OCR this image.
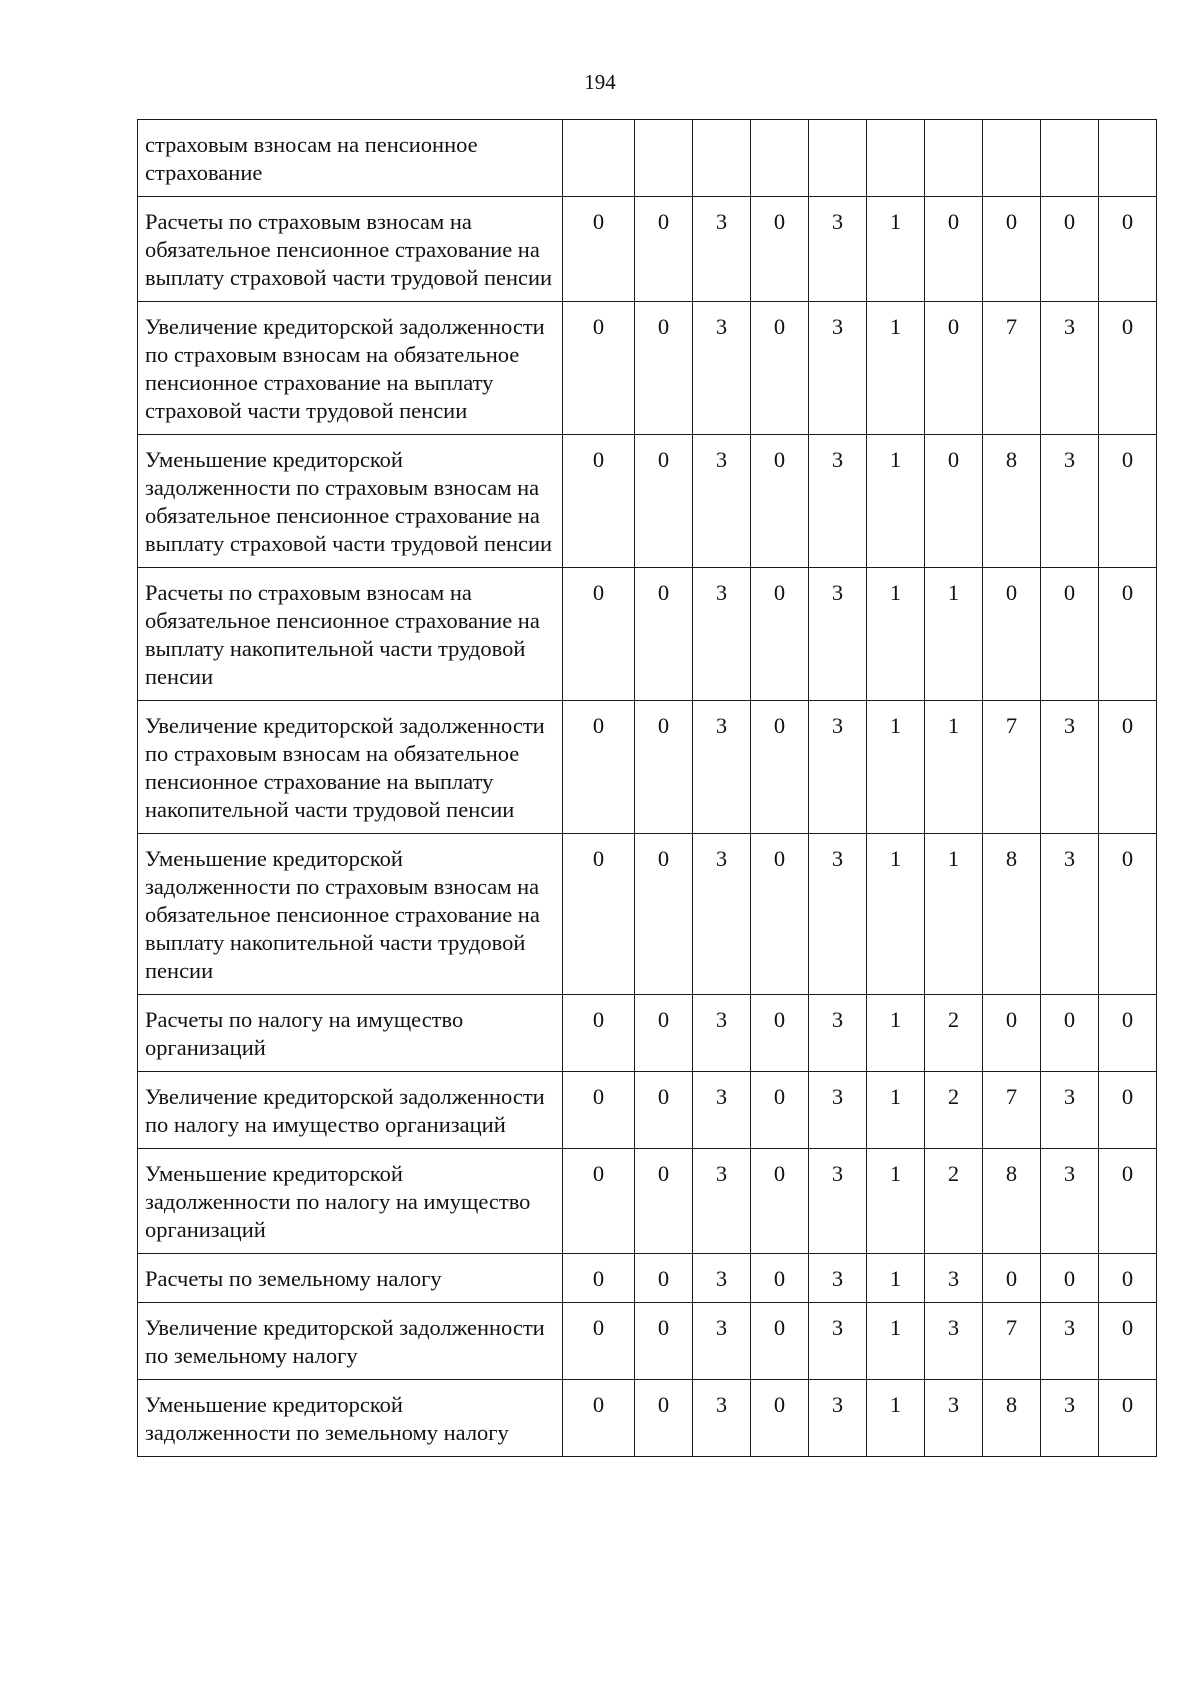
194
страховым взносам на пенсионное страхование										
Расчеты по страховым взносам на обязательное пенсионное страхование на выплату страховой части трудовой пенсии	0	0	3	0	3	1	0	0	0	0
Увеличение кредиторской задолженности по страховым взносам на обязательное пенсионное страхование на выплату страховой части трудовой пенсии	0	0	3	0	3	1	0	7	3	0
Уменьшение кредиторской задолженности по страховым взносам на обязательное пенсионное страхование на выплату страховой части трудовой пенсии	0	0	3	0	3	1	0	8	3	0
Расчеты по страховым взносам на обязательное пенсионное страхование на выплату накопительной части трудовой пенсии	0	0	3	0	3	1	1	0	0	0
Увеличение кредиторской задолженности по страховым взносам на обязательное пенсионное страхование на выплату накопительной части трудовой пенсии	0	0	3	0	3	1	1	7	3	0
Уменьшение кредиторской задолженности по страховым взносам на обязательное пенсионное страхование на выплату накопительной части трудовой пенсии	0	0	3	0	3	1	1	8	3	0
Расчеты по налогу на имущество организаций	0	0	3	0	3	1	2	0	0	0
Увеличение кредиторской задолженности по налогу на имущество организаций	0	0	3	0	3	1	2	7	3	0
Уменьшение кредиторской задолженности по налогу на имущество организаций	0	0	3	0	3	1	2	8	3	0
Расчеты по земельному налогу	0	0	3	0	3	1	3	0	0	0
Увеличение кредиторской задолженности по земельному налогу	0	0	3	0	3	1	3	7	3	0
Уменьшение кредиторской задолженности по земельному налогу	0	0	3	0	3	1	3	8	3	0
